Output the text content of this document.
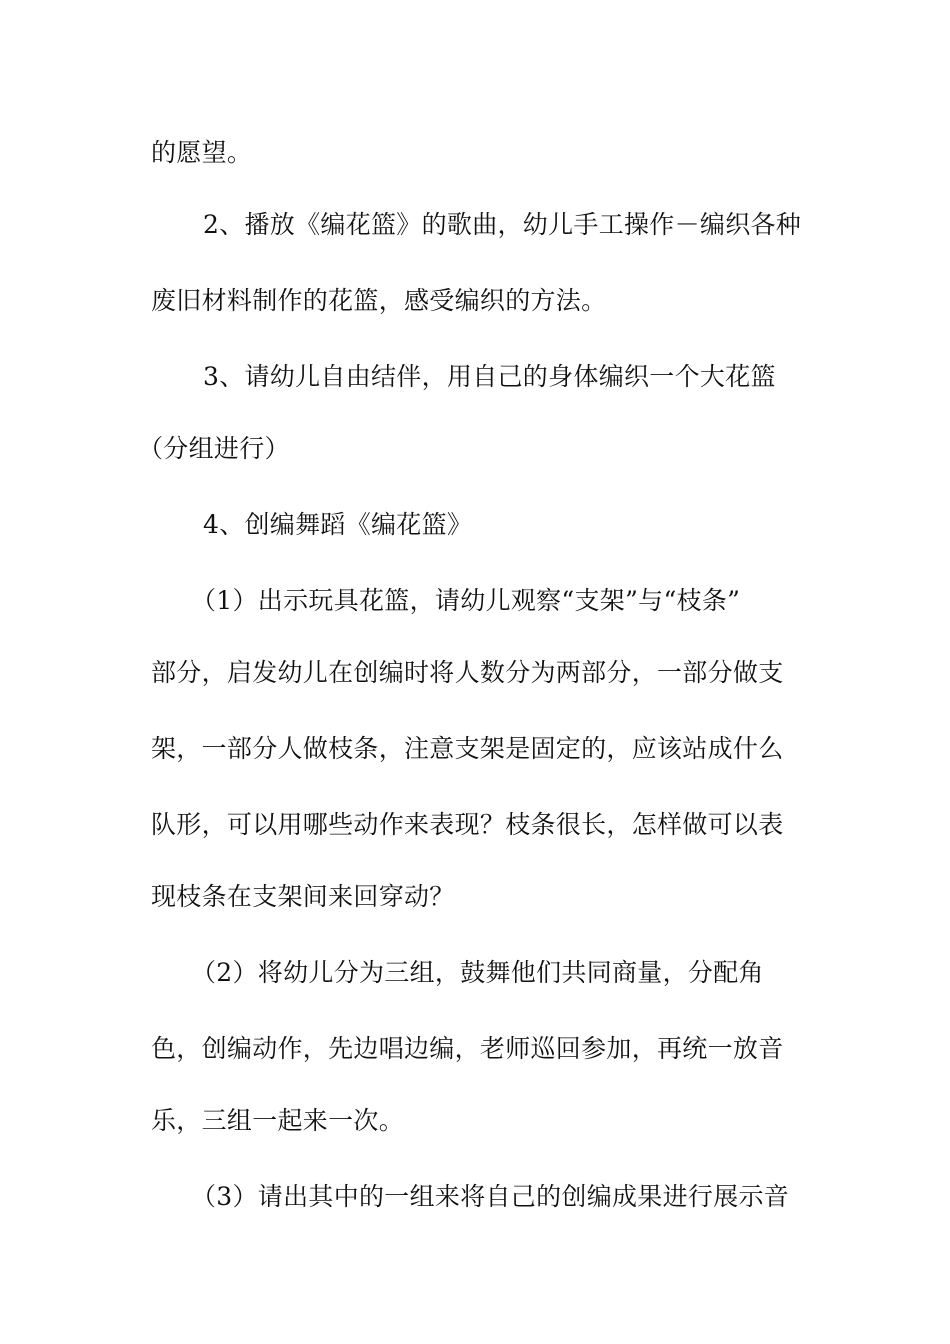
的愿望。
2、播放《编花篮》的歌曲，幼儿手工操作－编织各种
废旧材料制作的花篮，感受编织的方法。
3、请幼儿自由结伴，用自己的身体编织一个大花篮
（分组进行）
4、创编舞蹈《编花篮》
（1）出示玩具花篮，请幼儿观察“支架”与“枝条”
部分，启发幼儿在创编时将人数分为两部分，一部分做支
架，一部分人做枝条，注意支架是固定的，应该站成什么
队形，可以用哪些动作来表现？枝条很长，怎样做可以表
现枝条在支架间来回穿动？
（2）将幼儿分为三组，鼓舞他们共同商量，分配角
色，创编动作，先边唱边编，老师巡回参加，再统一放音
乐，三组一起来一次。
（3）请出其中的一组来将自己的创编成果进行展示音
